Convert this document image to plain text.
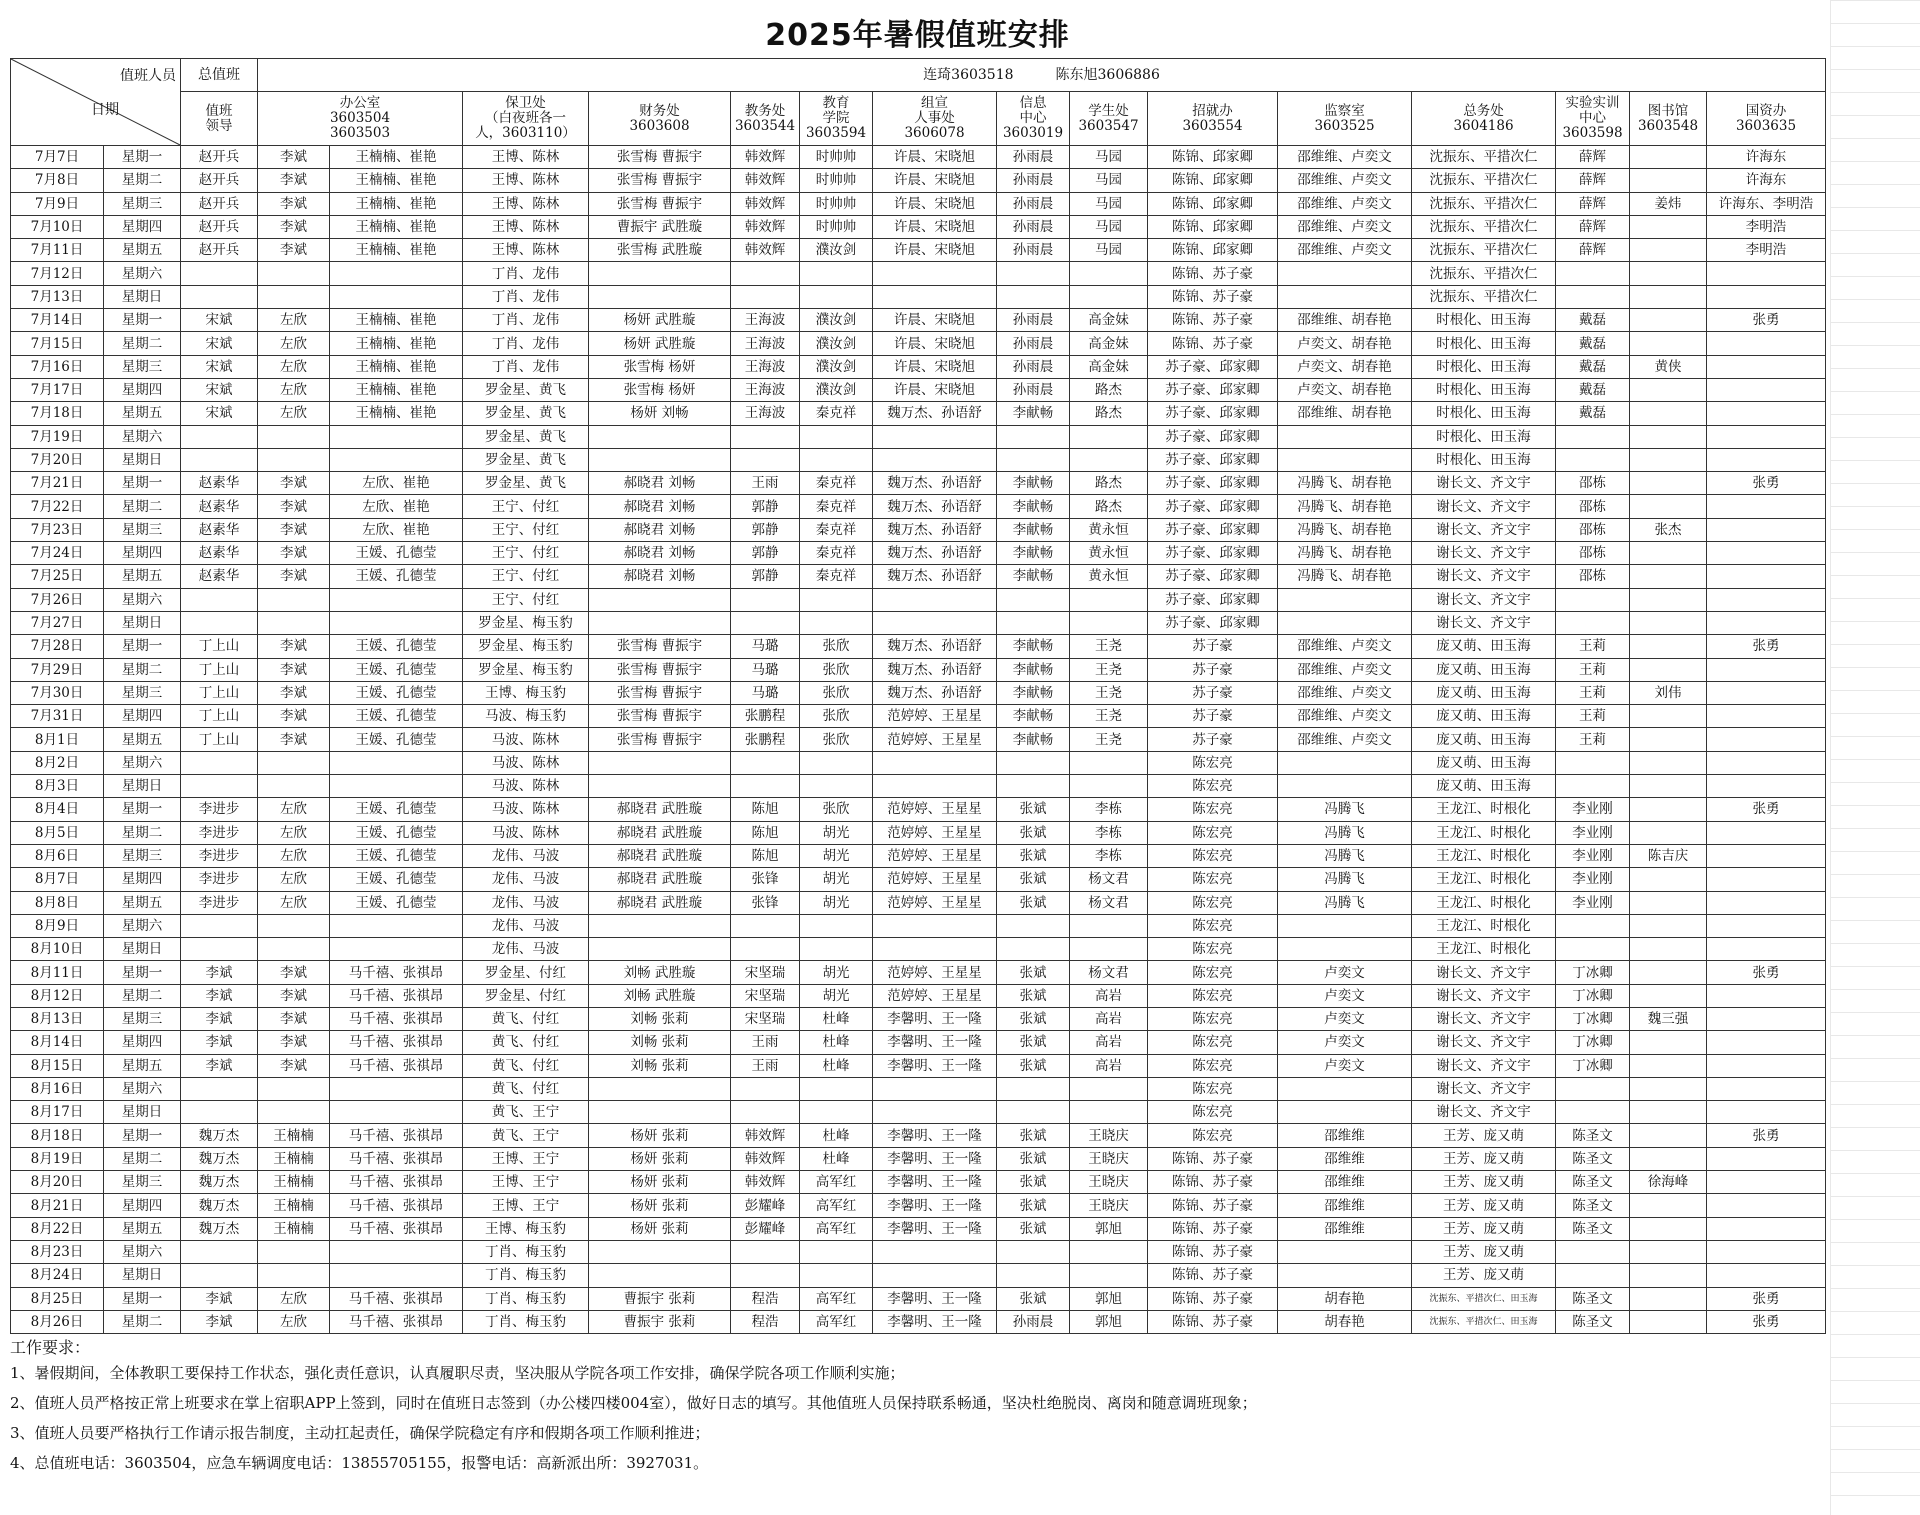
2025年暑假值班安排
值班人员
日期		总值班	连琦3603518　　　陈东旭3606886														

		值班
领导	办公室
3603504
3603503		保卫处
（白夜班各一
人，3603110）	财务处
3603608	教务处
3603544	教育
学院
3603594	组宣
人事处
3606078	信息
中心
3603019	学生处
3603547	招就办
3603554	监察室
3603525	总务处
3604186	实验实训
中心
3603598	图书馆
3603548	国资办
3603635

7月7日	星期一	赵开兵	李斌	王楠楠、崔艳	王博、陈林	张雪梅 曹振宇	韩效辉	时帅帅	许晨、宋晓旭	孙雨晨	马园	陈锦、邱家卿	邵维维、卢奕文	沈振东、平措次仁	薛辉		许海东
7月8日	星期二	赵开兵	李斌	王楠楠、崔艳	王博、陈林	张雪梅 曹振宇	韩效辉	时帅帅	许晨、宋晓旭	孙雨晨	马园	陈锦、邱家卿	邵维维、卢奕文	沈振东、平措次仁	薛辉		许海东
7月9日	星期三	赵开兵	李斌	王楠楠、崔艳	王博、陈林	张雪梅 曹振宇	韩效辉	时帅帅	许晨、宋晓旭	孙雨晨	马园	陈锦、邱家卿	邵维维、卢奕文	沈振东、平措次仁	薛辉	姜炜	许海东、李明浩
7月10日	星期四	赵开兵	李斌	王楠楠、崔艳	王博、陈林	曹振宇 武胜璇	韩效辉	时帅帅	许晨、宋晓旭	孙雨晨	马园	陈锦、邱家卿	邵维维、卢奕文	沈振东、平措次仁	薛辉		李明浩
7月11日	星期五	赵开兵	李斌	王楠楠、崔艳	王博、陈林	张雪梅 武胜璇	韩效辉	濮汝剑	许晨、宋晓旭	孙雨晨	马园	陈锦、邱家卿	邵维维、卢奕文	沈振东、平措次仁	薛辉		李明浩
7月12日	星期六				丁肖、龙伟							陈锦、苏子豪		沈振东、平措次仁			
7月13日	星期日				丁肖、龙伟							陈锦、苏子豪		沈振东、平措次仁			
7月14日	星期一	宋斌	左欣	王楠楠、崔艳	丁肖、龙伟	杨妍 武胜璇	王海波	濮汝剑	许晨、宋晓旭	孙雨晨	高金妹	陈锦、苏子豪	邵维维、胡春艳	时根化、田玉海	戴磊		张勇
7月15日	星期二	宋斌	左欣	王楠楠、崔艳	丁肖、龙伟	杨妍 武胜璇	王海波	濮汝剑	许晨、宋晓旭	孙雨晨	高金妹	陈锦、苏子豪	卢奕文、胡春艳	时根化、田玉海	戴磊		
7月16日	星期三	宋斌	左欣	王楠楠、崔艳	丁肖、龙伟	张雪梅 杨妍	王海波	濮汝剑	许晨、宋晓旭	孙雨晨	高金妹	苏子豪、邱家卿	卢奕文、胡春艳	时根化、田玉海	戴磊	黄侠	
7月17日	星期四	宋斌	左欣	王楠楠、崔艳	罗金星、黄飞	张雪梅 杨妍	王海波	濮汝剑	许晨、宋晓旭	孙雨晨	路杰	苏子豪、邱家卿	卢奕文、胡春艳	时根化、田玉海	戴磊		
7月18日	星期五	宋斌	左欣	王楠楠、崔艳	罗金星、黄飞	杨妍 刘畅	王海波	秦克祥	魏万杰、孙语舒	李献畅	路杰	苏子豪、邱家卿	邵维维、胡春艳	时根化、田玉海	戴磊		
7月19日	星期六				罗金星、黄飞							苏子豪、邱家卿		时根化、田玉海			
7月20日	星期日				罗金星、黄飞							苏子豪、邱家卿		时根化、田玉海			
7月21日	星期一	赵素华	李斌	左欣、崔艳	罗金星、黄飞	郝晓君 刘畅	王雨	秦克祥	魏万杰、孙语舒	李献畅	路杰	苏子豪、邱家卿	冯腾飞、胡春艳	谢长文、齐文宇	邵栋		张勇
7月22日	星期二	赵素华	李斌	左欣、崔艳	王宁、付红	郝晓君 刘畅	郭静	秦克祥	魏万杰、孙语舒	李献畅	路杰	苏子豪、邱家卿	冯腾飞、胡春艳	谢长文、齐文宇	邵栋		
7月23日	星期三	赵素华	李斌	左欣、崔艳	王宁、付红	郝晓君 刘畅	郭静	秦克祥	魏万杰、孙语舒	李献畅	黄永恒	苏子豪、邱家卿	冯腾飞、胡春艳	谢长文、齐文宇	邵栋	张杰	
7月24日	星期四	赵素华	李斌	王媛、孔德莹	王宁、付红	郝晓君 刘畅	郭静	秦克祥	魏万杰、孙语舒	李献畅	黄永恒	苏子豪、邱家卿	冯腾飞、胡春艳	谢长文、齐文宇	邵栋		
7月25日	星期五	赵素华	李斌	王媛、孔德莹	王宁、付红	郝晓君 刘畅	郭静	秦克祥	魏万杰、孙语舒	李献畅	黄永恒	苏子豪、邱家卿	冯腾飞、胡春艳	谢长文、齐文宇	邵栋		
7月26日	星期六				王宁、付红							苏子豪、邱家卿		谢长文、齐文宇			
7月27日	星期日				罗金星、梅玉豹							苏子豪、邱家卿		谢长文、齐文宇			
7月28日	星期一	丁上山	李斌	王媛、孔德莹	罗金星、梅玉豹	张雪梅 曹振宇	马璐	张欣	魏万杰、孙语舒	李献畅	王尧	苏子豪	邵维维、卢奕文	庞又萌、田玉海	王莉		张勇
7月29日	星期二	丁上山	李斌	王媛、孔德莹	罗金星、梅玉豹	张雪梅 曹振宇	马璐	张欣	魏万杰、孙语舒	李献畅	王尧	苏子豪	邵维维、卢奕文	庞又萌、田玉海	王莉		
7月30日	星期三	丁上山	李斌	王媛、孔德莹	王博、梅玉豹	张雪梅 曹振宇	马璐	张欣	魏万杰、孙语舒	李献畅	王尧	苏子豪	邵维维、卢奕文	庞又萌、田玉海	王莉	刘伟	
7月31日	星期四	丁上山	李斌	王媛、孔德莹	马波、梅玉豹	张雪梅 曹振宇	张鹏程	张欣	范婷婷、王星星	李献畅	王尧	苏子豪	邵维维、卢奕文	庞又萌、田玉海	王莉		
8月1日	星期五	丁上山	李斌	王媛、孔德莹	马波、陈林	张雪梅 曹振宇	张鹏程	张欣	范婷婷、王星星	李献畅	王尧	苏子豪	邵维维、卢奕文	庞又萌、田玉海	王莉		
8月2日	星期六				马波、陈林							陈宏亮		庞又萌、田玉海			
8月3日	星期日				马波、陈林							陈宏亮		庞又萌、田玉海			
8月4日	星期一	李进步	左欣	王媛、孔德莹	马波、陈林	郝晓君 武胜璇	陈旭	张欣	范婷婷、王星星	张斌	李栋	陈宏亮	冯腾飞	王龙江、时根化	李业刚		张勇
8月5日	星期二	李进步	左欣	王媛、孔德莹	马波、陈林	郝晓君 武胜璇	陈旭	胡光	范婷婷、王星星	张斌	李栋	陈宏亮	冯腾飞	王龙江、时根化	李业刚		
8月6日	星期三	李进步	左欣	王媛、孔德莹	龙伟、马波	郝晓君 武胜璇	陈旭	胡光	范婷婷、王星星	张斌	李栋	陈宏亮	冯腾飞	王龙江、时根化	李业刚	陈吉庆	
8月7日	星期四	李进步	左欣	王媛、孔德莹	龙伟、马波	郝晓君 武胜璇	张锋	胡光	范婷婷、王星星	张斌	杨文君	陈宏亮	冯腾飞	王龙江、时根化	李业刚		
8月8日	星期五	李进步	左欣	王媛、孔德莹	龙伟、马波	郝晓君 武胜璇	张锋	胡光	范婷婷、王星星	张斌	杨文君	陈宏亮	冯腾飞	王龙江、时根化	李业刚		
8月9日	星期六				龙伟、马波							陈宏亮		王龙江、时根化			
8月10日	星期日				龙伟、马波							陈宏亮		王龙江、时根化			
8月11日	星期一	李斌	李斌	马千禧、张祺昂	罗金星、付红	刘畅 武胜璇	宋坚瑞	胡光	范婷婷、王星星	张斌	杨文君	陈宏亮	卢奕文	谢长文、齐文宇	丁冰卿		张勇
8月12日	星期二	李斌	李斌	马千禧、张祺昂	罗金星、付红	刘畅 武胜璇	宋坚瑞	胡光	范婷婷、王星星	张斌	高岩	陈宏亮	卢奕文	谢长文、齐文宇	丁冰卿		
8月13日	星期三	李斌	李斌	马千禧、张祺昂	黄飞、付红	刘畅 张莉	宋坚瑞	杜峰	李馨明、王一隆	张斌	高岩	陈宏亮	卢奕文	谢长文、齐文宇	丁冰卿	魏三强	
8月14日	星期四	李斌	李斌	马千禧、张祺昂	黄飞、付红	刘畅 张莉	王雨	杜峰	李馨明、王一隆	张斌	高岩	陈宏亮	卢奕文	谢长文、齐文宇	丁冰卿		
8月15日	星期五	李斌	李斌	马千禧、张祺昂	黄飞、付红	刘畅 张莉	王雨	杜峰	李馨明、王一隆	张斌	高岩	陈宏亮	卢奕文	谢长文、齐文宇	丁冰卿		
8月16日	星期六				黄飞、付红							陈宏亮		谢长文、齐文宇			
8月17日	星期日				黄飞、王宁							陈宏亮		谢长文、齐文宇			
8月18日	星期一	魏万杰	王楠楠	马千禧、张祺昂	黄飞、王宁	杨妍 张莉	韩效辉	杜峰	李馨明、王一隆	张斌	王晓庆	陈宏亮	邵维维	王芳、庞又萌	陈圣文		张勇
8月19日	星期二	魏万杰	王楠楠	马千禧、张祺昂	王博、王宁	杨妍 张莉	韩效辉	杜峰	李馨明、王一隆	张斌	王晓庆	陈锦、苏子豪	邵维维	王芳、庞又萌	陈圣文		
8月20日	星期三	魏万杰	王楠楠	马千禧、张祺昂	王博、王宁	杨妍 张莉	韩效辉	高军红	李馨明、王一隆	张斌	王晓庆	陈锦、苏子豪	邵维维	王芳、庞又萌	陈圣文	徐海峰	
8月21日	星期四	魏万杰	王楠楠	马千禧、张祺昂	王博、王宁	杨妍 张莉	彭耀峰	高军红	李馨明、王一隆	张斌	王晓庆	陈锦、苏子豪	邵维维	王芳、庞又萌	陈圣文		
8月22日	星期五	魏万杰	王楠楠	马千禧、张祺昂	王博、梅玉豹	杨妍 张莉	彭耀峰	高军红	李馨明、王一隆	张斌	郭旭	陈锦、苏子豪	邵维维	王芳、庞又萌	陈圣文		
8月23日	星期六				丁肖、梅玉豹							陈锦、苏子豪		王芳、庞又萌			
8月24日	星期日				丁肖、梅玉豹							陈锦、苏子豪		王芳、庞又萌			
8月25日	星期一	李斌	左欣	马千禧、张祺昂	丁肖、梅玉豹	曹振宇 张莉	程浩	高军红	李馨明、王一隆	张斌	郭旭	陈锦、苏子豪	胡春艳	沈振东、平措次仁、田玉海	陈圣文		张勇
8月26日	星期二	李斌	左欣	马千禧、张祺昂	丁肖、梅玉豹	曹振宇 张莉	程浩	高军红	李馨明、王一隆	孙雨晨	郭旭	陈锦、苏子豪	胡春艳	沈振东、平措次仁、田玉海	陈圣文		张勇
工作要求：
1、暑假期间，全体教职工要保持工作状态，强化责任意识，认真履职尽责，坚决服从学院各项工作安排，确保学院各项工作顺利实施；
2、值班人员严格按正常上班要求在掌上宿职APP上签到，同时在值班日志签到（办公楼四楼004室），做好日志的填写。其他值班人员保持联系畅通，坚决杜绝脱岗、离岗和随意调班现象；
3、值班人员要严格执行工作请示报告制度，主动扛起责任，确保学院稳定有序和假期各项工作顺利推进；
4、总值班电话：3603504，应急车辆调度电话：13855705155，报警电话：高新派出所：3927031。
